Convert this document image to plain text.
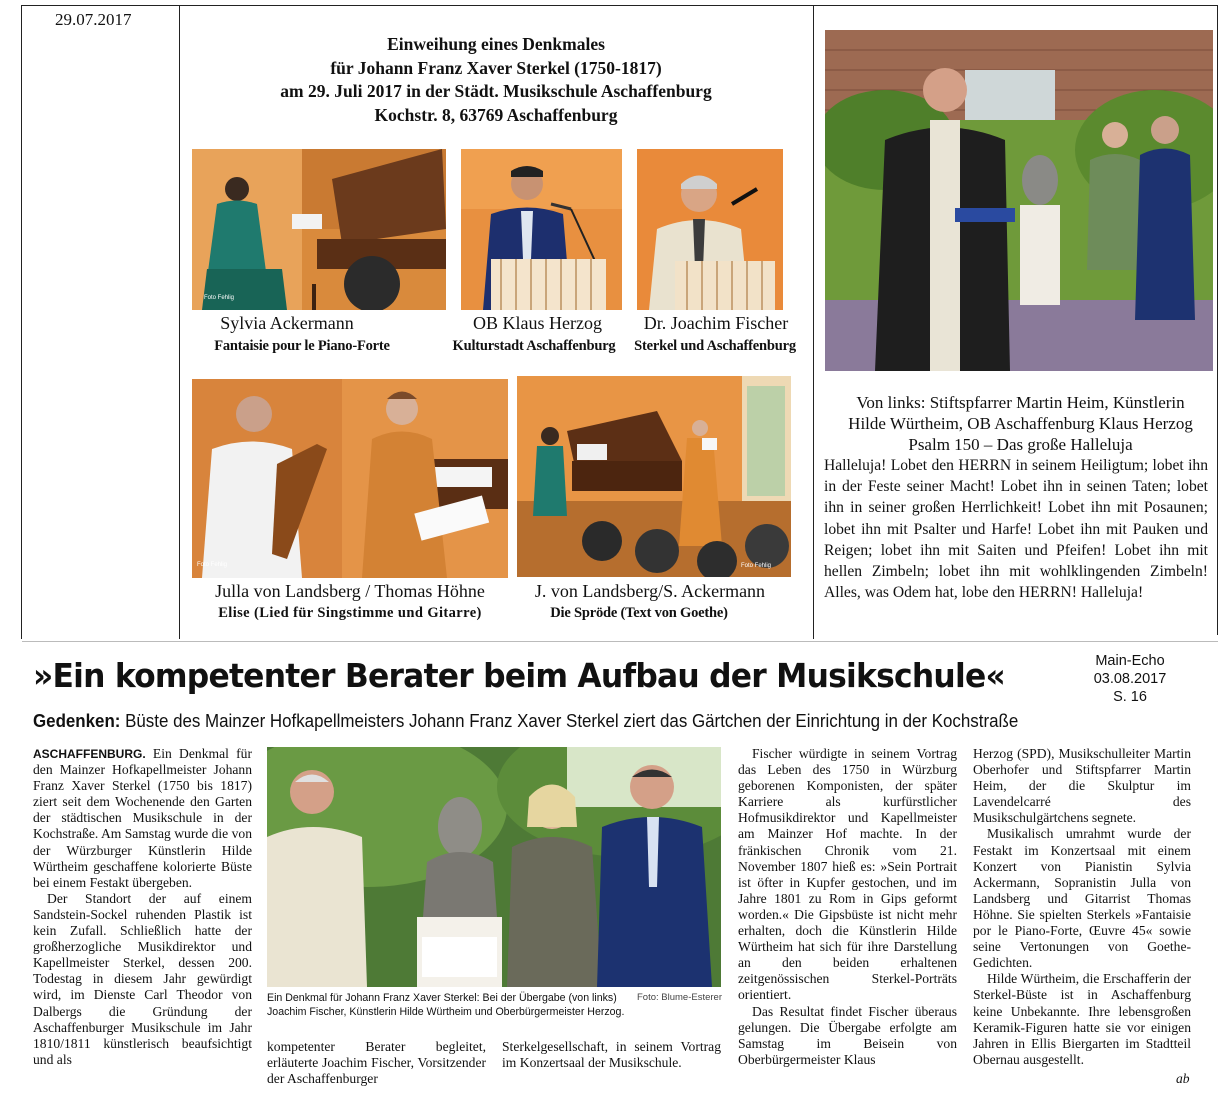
29.07.2017
Einweihung eines Denkmales
für Johann Franz Xaver Sterkel (1750-1817)
am 29. Juli 2017 in der Städt. Musikschule Aschaffenburg
Kochstr. 8, 63769 Aschaffenburg
Foto Fehlig
Sylvia Ackermann
Fantaisie pour le Piano-Forte
OB Klaus Herzog
Kulturstadt Aschaffenburg
Dr. Joachim Fischer
Sterkel und Aschaffenburg
Foto Fehlig	Foto Fehlig
Julla von Landsberg / Thomas Höhne
Elise (Lied für Singstimme und Gitarre)
J. von Landsberg/S. Ackermann
Die Spröde (Text von Goethe)
Von links: Stiftspfarrer Martin Heim, Künstlerin
Hilde Würtheim, OB Aschaffenburg Klaus Herzog
Psalm 150 – Das große Halleluja
Halleluja! Lobet den HERRN in seinem Heiligtum; lobet ihn in der Feste seiner Macht! Lobet ihn in seinen Taten; lobet ihn in seiner großen Herrlichkeit! Lobet ihn mit Posaunen; lobet ihn mit Psalter und Harfe! Lobet ihn mit Pauken und Reigen; lobet ihn mit Saiten und Pfeifen! Lobet ihn mit hellen Zimbeln; lobet ihn mit wohlklingenden Zimbeln! Alles, was Odem hat, lobe den HERRN! Halleluja!
»Ein kompetenter Berater beim Aufbau der Musikschule«	Main-Echo
03.08.2017
S. 16
Gedenken: Büste des Mainzer Hofkapellmeisters Johann Franz Xaver Sterkel ziert das Gärtchen der Einrichtung in der Kochstraße

ASCHAFFENBURG. Ein Denkmal für den Mainzer Hofkapellmeister Johann Franz Xaver Sterkel (1750 bis 1817) ziert seit dem Wochenende den Garten der städtischen Musikschule in der Kochstraße. Am Samstag wurde die von der Würzburger Künstlerin Hilde Würtheim geschaffene kolorierte Büste bei einem Festakt übergeben.

Der Standort der auf einem Sandstein-Sockel ruhenden Plastik ist kein Zufall. Schließlich hatte der großherzogliche Musikdirektor und Kapellmeister Sterkel, dessen 200. Todestag in diesem Jahr gewürdigt wird, im Dienste Carl Theodor von Dalbergs die Gründung der Aschaffenburger Musikschule im Jahr 1810/1811 künstlerisch beaufsichtigt und als

Foto: Blume-Esterer
Ein Denkmal für Johann Franz Xaver Sterkel: Bei der Übergabe (von links) Joachim Fischer, Künstlerin Hilde Würtheim und Oberbürgermeister Herzog.

kompetenter Berater begleitet, erläuterte Joachim Fischer, Vorsitzender der Aschaffenburger

Sterkelgesellschaft, in seinem Vortrag im Konzertsaal der Musikschule.

Fischer würdigte in seinem Vortrag das Leben des 1750 in Würzburg geborenen Komponisten, der später Karriere als kurfürstlicher Hofmusikdirektor und Kapellmeister am Mainzer Hof machte. In der fränkischen Chronik vom 21. November 1807 hieß es: »Sein Portrait ist öfter in Kupfer gestochen, und im Jahre 1801 zu Rom in Gips geformt worden.« Die Gipsbüste ist nicht mehr erhalten, doch die Künstlerin Hilde Würtheim hat sich für ihre Darstellung an den beiden erhaltenen zeitgenössischen Sterkel-Porträts orientiert.

Das Resultat findet Fischer überaus gelungen. Die Übergabe erfolgte am Samstag im Beisein von Oberbürgermeister Klaus

Herzog (SPD), Musikschulleiter Martin Oberhofer und Stiftspfarrer Martin Heim, der die Skulptur im Lavendelcarré des Musikschulgärtchens segnete.

Musikalisch umrahmt wurde der Festakt im Konzertsaal mit einem Konzert von Pianistin Sylvia Ackermann, Sopranistin Julla von Landsberg und Gitarrist Thomas Höhne. Sie spielten Sterkels »Fantaisie por le Piano-Forte, Œuvre 45« sowie seine Vertonungen von Goethe-Gedichten.

Hilde Würtheim, die Erschafferin der Sterkel-Büste ist in Aschaffenburg keine Unbekannte. Ihre lebensgroßen Keramik-Figuren hatte sie vor einigen Jahren in Ellis Biergarten im Stadtteil Obernau ausgestellt.

ab
